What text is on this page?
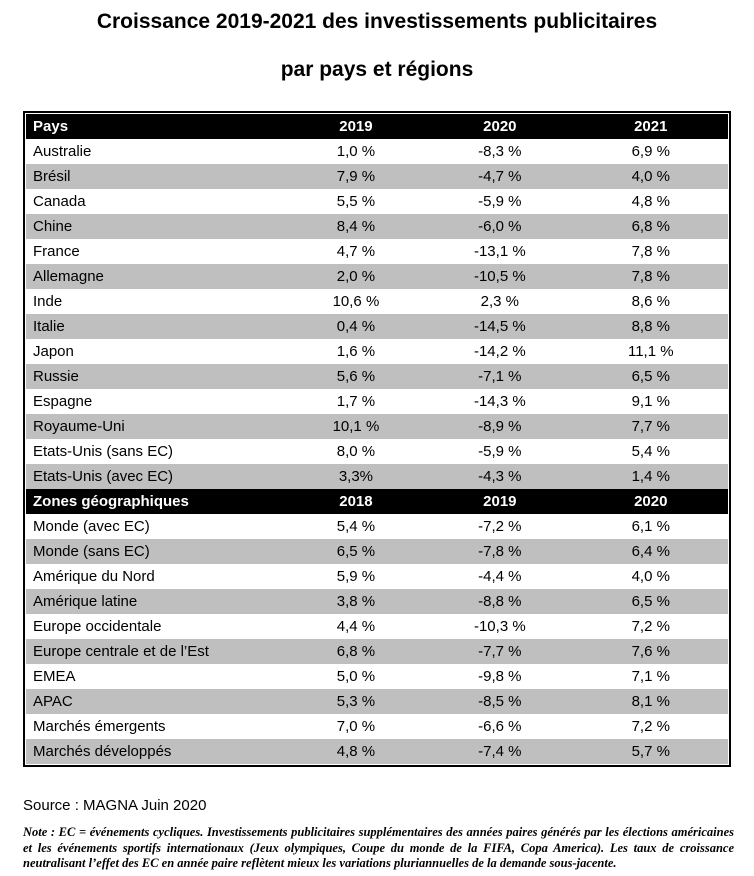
Croissance 2019-2021 des investissements publicitaires
par pays et régions
Pays	2019	2020	2021
Australie	1,0 %	-8,3 %	6,9 %
Brésil	7,9 %	-4,7 %	4,0 %
Canada	5,5 %	-5,9 %	4,8 %
Chine	8,4 %	-6,0 %	6,8 %
France	4,7 %	-13,1 %	7,8 %
Allemagne	2,0 %	-10,5 %	7,8 %
Inde	10,6 %	2,3 %	8,6 %
Italie	0,4 %	-14,5 %	8,8 %
Japon	1,6 %	-14,2 %	11,1 %
Russie	5,6 %	-7,1 %	6,5 %
Espagne	1,7 %	-14,3 %	9,1 %
Royaume-Uni	10,1 %	-8,9 %	7,7 %
Etats-Unis (sans EC)	8,0 %	-5,9 %	5,4 %
Etats-Unis (avec EC)	3,3%	-4,3 %	1,4 %
Zones géographiques	2018	2019	2020
Monde (avec EC)	5,4 %	-7,2 %	6,1 %
Monde (sans EC)	6,5 %	-7,8 %	6,4 %
Amérique du Nord	5,9 %	-4,4 %	4,0 %
Amérique latine	3,8 %	-8,8 %	6,5 %
Europe occidentale	4,4 %	-10,3 %	7,2 %
Europe centrale et de l’Est	6,8 %	-7,7 %	7,6 %
EMEA	5,0 %	-9,8 %	7,1 %
APAC	5,3 %	-8,5 %	8,1 %
Marchés émergents	7,0 %	-6,6 %	7,2 %
Marchés développés	4,8 %	-7,4 %	5,7 %
Source : MAGNA Juin 2020
Note : EC = événements cycliques. Investissements publicitaires supplémentaires des années paires générés par les élections américaines et les événements sportifs internationaux (Jeux olympiques, Coupe du monde de la FIFA, Copa America). Les taux de croissance neutralisant l’effet des EC en année paire reflètent mieux les variations pluriannuelles de la demande sous-jacente.
